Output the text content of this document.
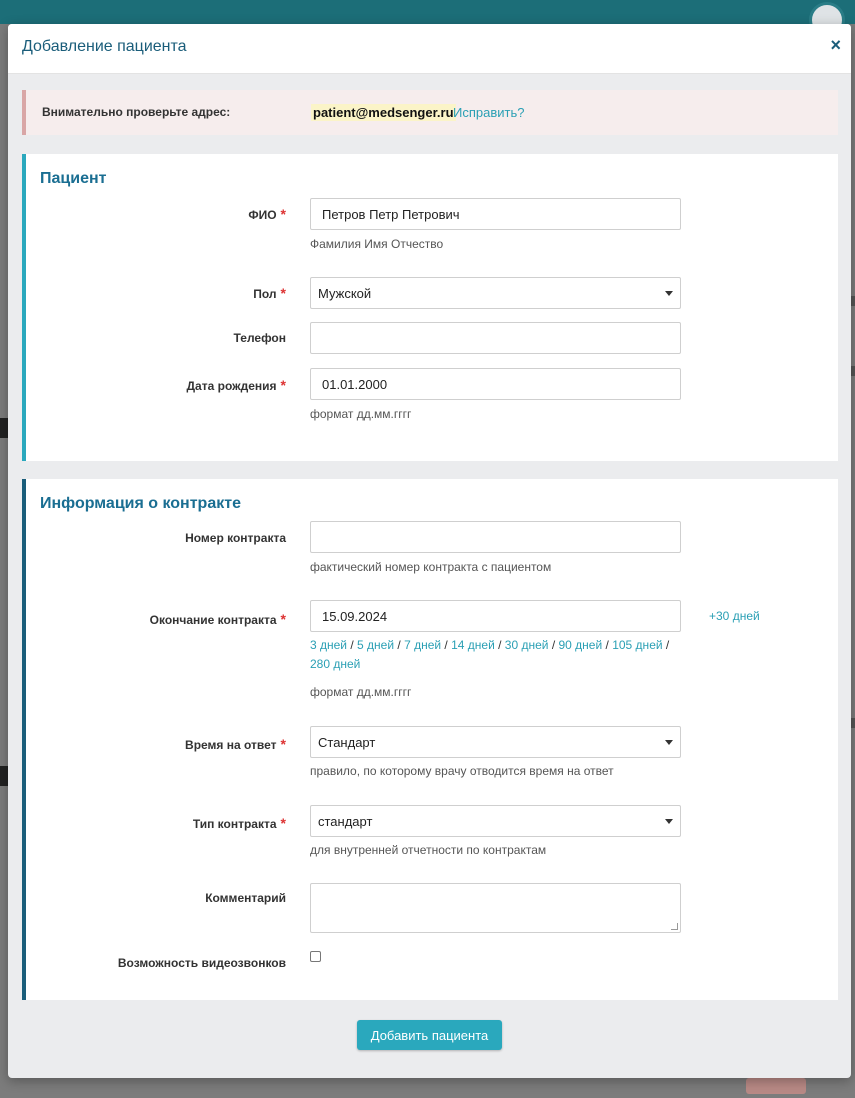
Добавление пациента	×
Внимательно проверьте адрес:	patient@medsenger.ru Исправить?
Пациент
ФИО *	Петров Петр Петрович
Фамилия Имя Отчество
Пол *	Мужской
Телефон
Дата рождения *	01.01.2000
формат дд.мм.гггг
Информация о контракте
Номер контракта
фактический номер контракта с пациентом
Окончание контракта *	15.09.2024	+30 дней
3 дней / 5 дней / 7 дней / 14 дней / 30 дней / 90 дней / 105 дней / 280 дней
формат дд.мм.гггг
Время на ответ *	Стандарт
правило, по которому врачу отводится время на ответ
Тип контракта *	стандарт
для внутренней отчетности по контрактам
Комментарий
Возможность видеозвонков
Добавить пациента
